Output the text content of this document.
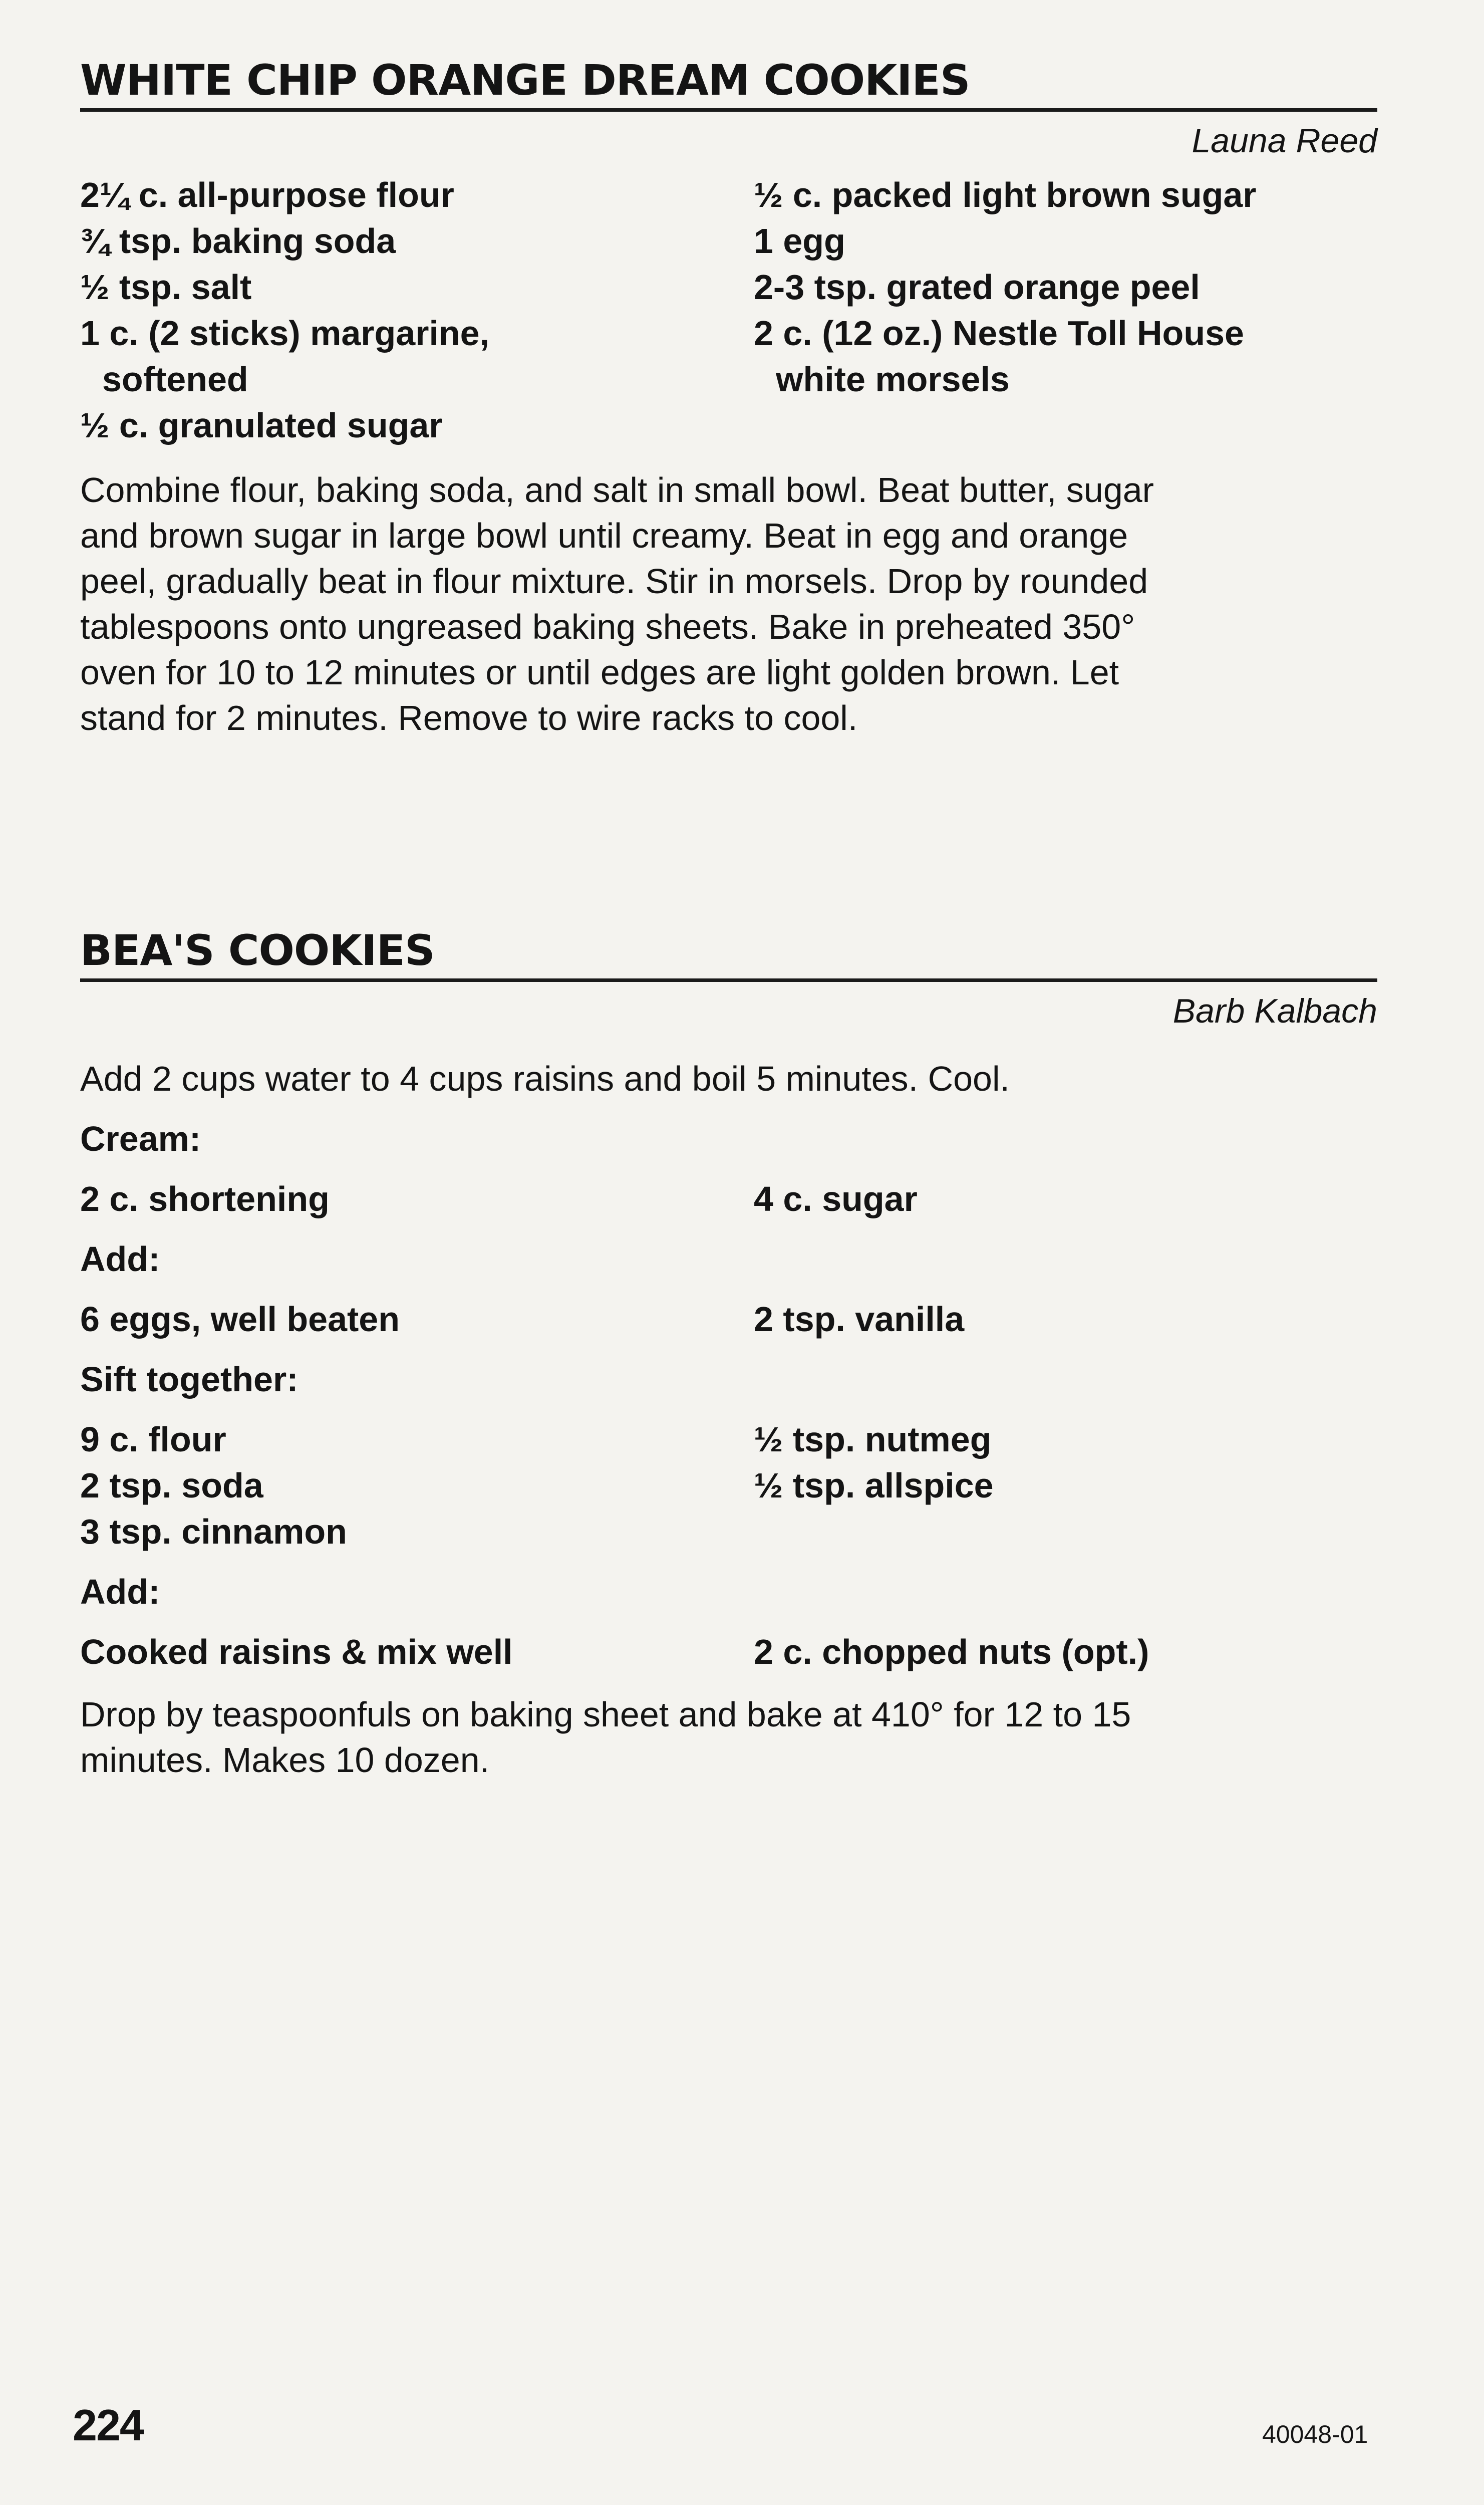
WHITE CHIP ORANGE DREAM COOKIES
Launa Reed
2¼ c. all-purpose flour
¾ tsp. baking soda
½ tsp. salt
1 c. (2 sticks) margarine,
softened
½ c. granulated sugar
½ c. packed light brown sugar
1 egg
2-3 tsp. grated orange peel
2 c. (12 oz.) Nestle Toll House
white morsels
Combine flour, baking soda, and salt in small bowl. Beat butter, sugar
and brown sugar in large bowl until creamy. Beat in egg and orange
peel, gradually beat in flour mixture. Stir in morsels. Drop by rounded
tablespoons onto ungreased baking sheets. Bake in preheated 350°
oven for 10 to 12 minutes or until edges are light golden brown. Let
stand for 2 minutes. Remove to wire racks to cool.
BEA'S COOKIES
Barb Kalbach
Add 2 cups water to 4 cups raisins and boil 5 minutes. Cool.
Cream:
2 c. shortening	4 c. sugar
Add:
6 eggs, well beaten	2 tsp. vanilla
Sift together:
9 c. flour
2 tsp. soda
3 tsp. cinnamon
½ tsp. nutmeg
½ tsp. allspice
Add:
Cooked raisins & mix well	2 c. chopped nuts (opt.)
Drop by teaspoonfuls on baking sheet and bake at 410° for 12 to 15
minutes. Makes 10 dozen.
224	40048-01
